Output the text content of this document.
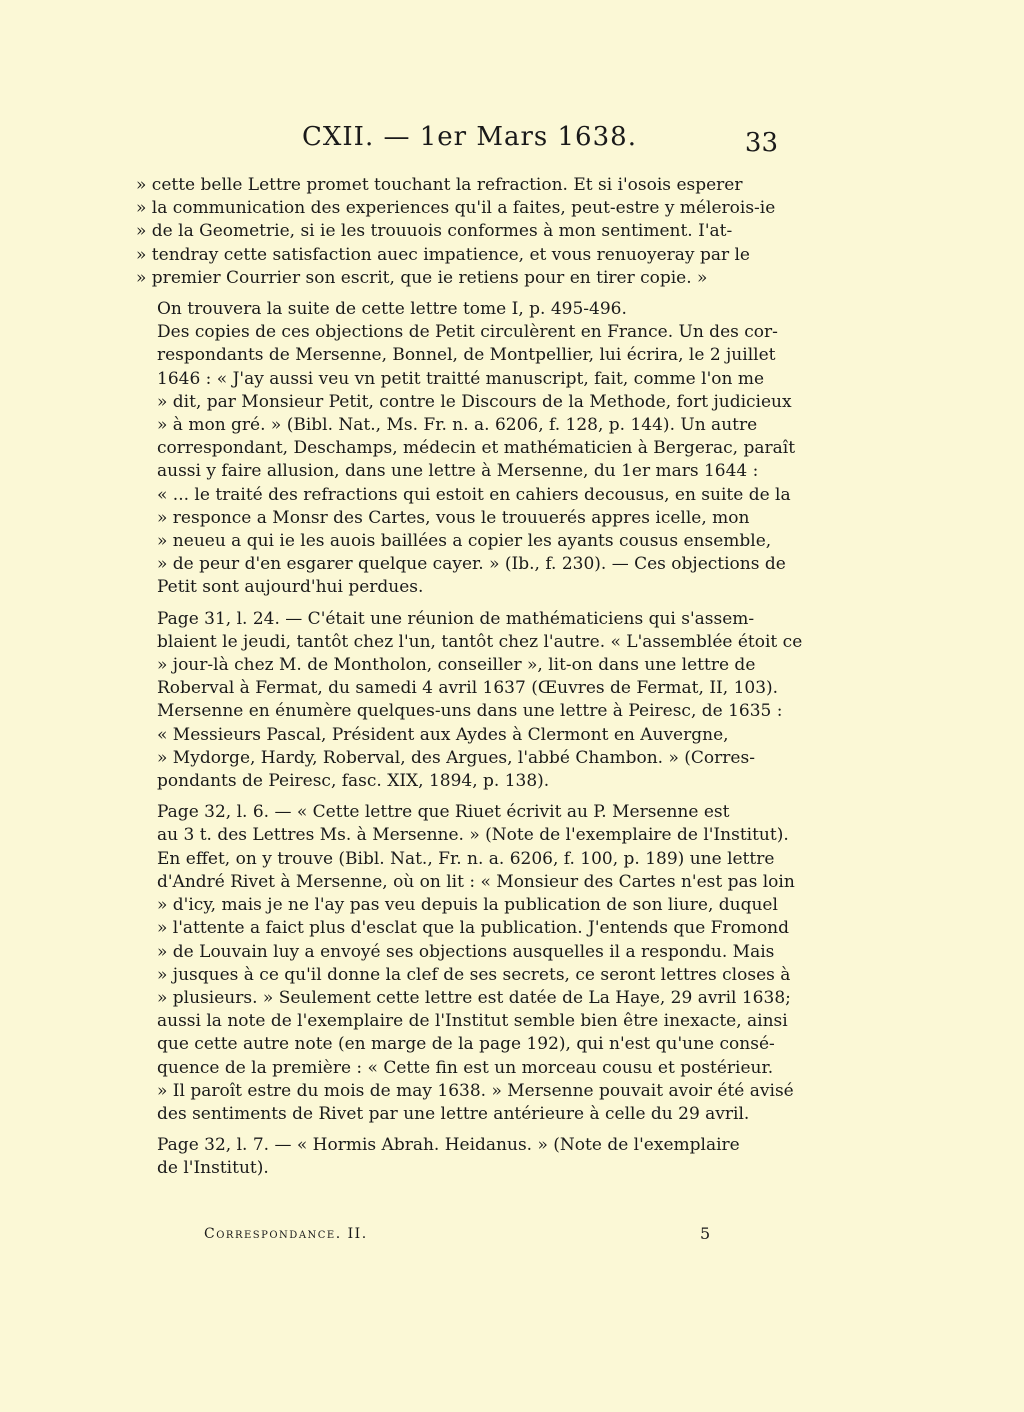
CXII. — 1er Mars 1638.	33
» cette belle Lettre promet touchant la refraction. Et si i'osois esperer
» la communication des experiences qu'il a faites, peut-estre y mélerois-ie
» de la Geometrie, si ie les trouuois conformes à mon sentiment. I'at-
» tendray cette satisfaction auec impatience, et vous renuoyeray par le
» premier Courrier son escrit, que ie retiens pour en tirer copie. »
On trouvera la suite de cette lettre tome I, p. 495-496.
Des copies de ces objections de Petit circulèrent en France. Un des cor-
respondants de Mersenne, Bonnel, de Montpellier, lui écrira, le 2 juillet
1646 : « J'ay aussi veu vn petit traitté manuscript, fait, comme l'on me
» dit, par Monsieur Petit, contre le Discours de la Methode, fort judicieux
» à mon gré. » (Bibl. Nat., Ms. Fr. n. a. 6206, f. 128, p. 144). Un autre
correspondant, Deschamps, médecin et mathématicien à Bergerac, paraît
aussi y faire allusion, dans une lettre à Mersenne, du 1er mars 1644 :
« ... le traité des refractions qui estoit en cahiers decousus, en suite de la
» responce a Monsr des Cartes, vous le trouuerés appres icelle, mon
» neueu a qui ie les auois baillées a copier les ayants cousus ensemble,
» de peur d'en esgarer quelque cayer. » (Ib., f. 230). — Ces objections de
Petit sont aujourd'hui perdues.
Page 31, l. 24. — C'était une réunion de mathématiciens qui s'assem-
blaient le jeudi, tantôt chez l'un, tantôt chez l'autre. « L'assemblée étoit ce
» jour-là chez M. de Montholon, conseiller », lit-on dans une lettre de
Roberval à Fermat, du samedi 4 avril 1637 (Œuvres de Fermat, II, 103).
Mersenne en énumère quelques-uns dans une lettre à Peiresc, de 1635 :
« Messieurs Pascal, Président aux Aydes à Clermont en Auvergne,
» Mydorge, Hardy, Roberval, des Argues, l'abbé Chambon. » (Corres-
pondants de Peiresc, fasc. XIX, 1894, p. 138).
Page 32, l. 6. — « Cette lettre que Riuet écrivit au P. Mersenne est
au 3 t. des Lettres Ms. à Mersenne. » (Note de l'exemplaire de l'Institut).
En effet, on y trouve (Bibl. Nat., Fr. n. a. 6206, f. 100, p. 189) une lettre
d'André Rivet à Mersenne, où on lit : « Monsieur des Cartes n'est pas loin
» d'icy, mais je ne l'ay pas veu depuis la publication de son liure, duquel
» l'attente a faict plus d'esclat que la publication. J'entends que Fromond
» de Louvain luy a envoyé ses objections ausquelles il a respondu. Mais
» jusques à ce qu'il donne la clef de ses secrets, ce seront lettres closes à
» plusieurs. » Seulement cette lettre est datée de La Haye, 29 avril 1638;
aussi la note de l'exemplaire de l'Institut semble bien être inexacte, ainsi
que cette autre note (en marge de la page 192), qui n'est qu'une consé-
quence de la première : « Cette fin est un morceau cousu et postérieur.
» Il paroît estre du mois de may 1638. » Mersenne pouvait avoir été avisé
des sentiments de Rivet par une lettre antérieure à celle du 29 avril.
Page 32, l. 7. — « Hormis Abrah. Heidanus. » (Note de l'exemplaire
de l'Institut).
Correspondance. II.	5
